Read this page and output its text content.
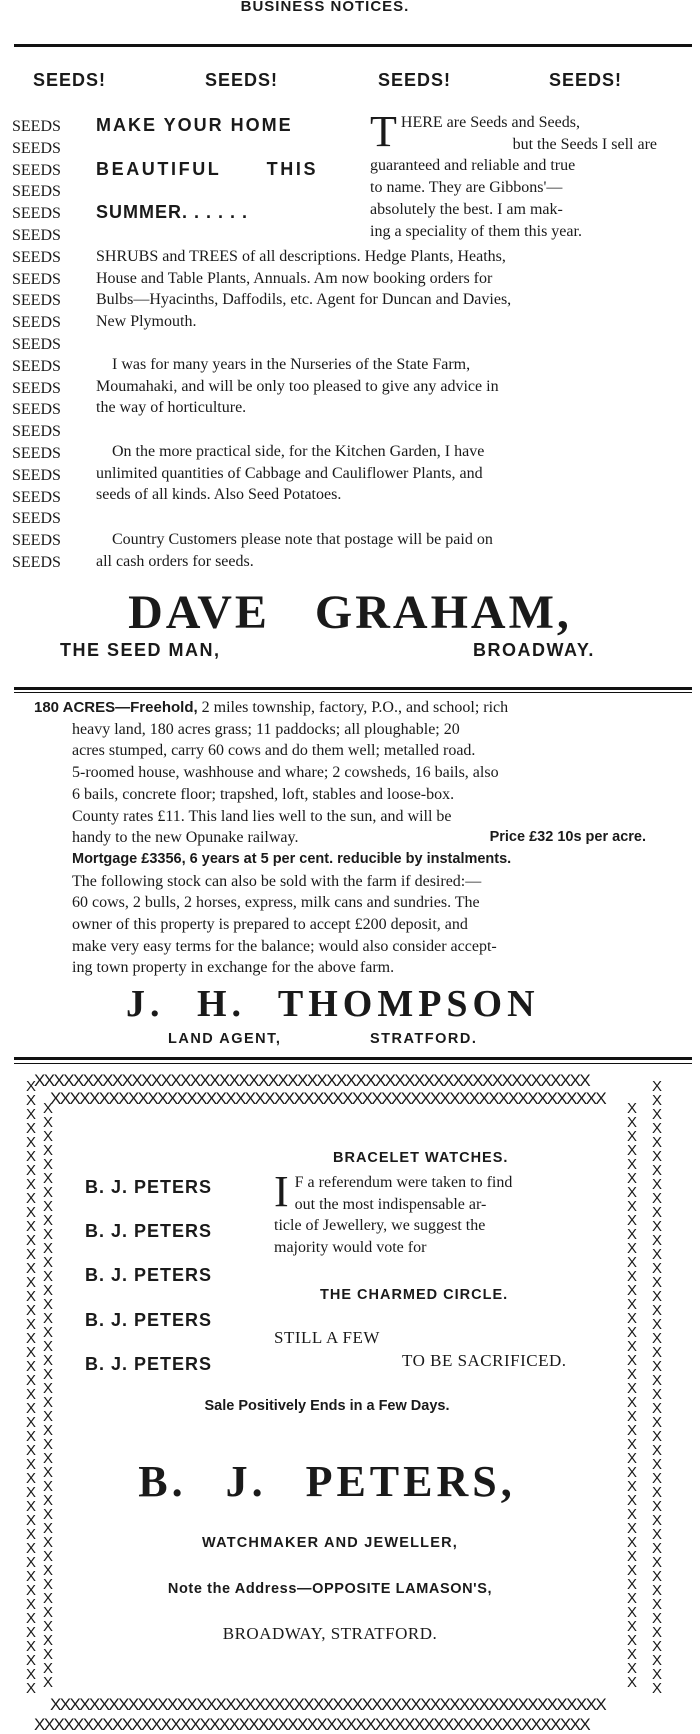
BUSINESS NOTICES.
SEEDS!	SEEDS!	SEEDS!	SEEDS!
SEEDS
SEEDS
SEEDS
SEEDS
SEEDS
SEEDS
SEEDS
SEEDS
SEEDS
SEEDS
SEEDS
SEEDS
SEEDS
SEEDS
SEEDS
SEEDS
SEEDS
SEEDS
SEEDS
SEEDS
SEEDS
MAKE YOUR HOME
BEAUTIFUL THIS
SUMMER. . . . . .
T HERE are Seeds and Seeds,

but the Seeds I sell are

guaranteed and reliable and true

to name. They are Gibbons'—

absolutely the best. I am mak-

ing a speciality of them this year.

SHRUBS and TREES of all descriptions. Hedge Plants, Heaths,

House and Table Plants, Annuals. Am now booking orders for

Bulbs—Hyacinths, Daffodils, etc. Agent for Duncan and Davies,

New Plymouth.

I was for many years in the Nurseries of the State Farm,

Moumahaki, and will be only too pleased to give any advice in

the way of horticulture.

On the more practical side, for the Kitchen Garden, I have

unlimited quantities of Cabbage and Cauliflower Plants, and

seeds of all kinds. Also Seed Potatoes.

Country Customers please note that postage will be paid on

all cash orders for seeds.

DAVE GRAHAM,
THE SEED MAN,	BROADWAY.

180 ACRES—Freehold, 2 miles township, factory, P.O., and school; rich

heavy land, 180 acres grass; 11 paddocks; all ploughable; 20

acres stumped, carry 60 cows and do them well; metalled road.

5-roomed house, washhouse and whare; 2 cowsheds, 16 bails, also

6 bails, concrete floor; trapshed, loft, stables and loose-box.

County rates £11. This land lies well to the sun, and will be

handy to the new Opunake railway.	Price £32 10s per acre.

Mortgage £3356, 6 years at 5 per cent. reducible by instalments.

The following stock can also be sold with the farm if desired:—

60 cows, 2 bulls, 2 horses, express, milk cans and sundries. The

owner of this property is prepared to accept £200 deposit, and

make very easy terms for the balance; would also consider accept-

ing town property in exchange for the above farm.

J. H. THOMPSON
LAND AGENT,	STRATFORD.
XXXXXXXXXXXXXXXXXXXXXXXXXXXXXXXXXXXXXXXXXXXXXXXXXXXXXXXXX
XXXXXXXXXXXXXXXXXXXXXXXXXXXXXXXXXXXXXXXXXXXXXXXXXXXXXXXXX
X
X
X
X
X
X
X
X
X
X
X
X
X
X
X
X
X
X
X
X
X
X
X
X
X
X
X
X
X
X
X
X
X
X
X
X
X
X
X
X
X
X
X
X
X
X
X
X
X
X
X
X
X
X
X
X
X
X
X
X
X
X
X
X
X
X
X
X
X
X
X
X
X
X
X
X
X
X
X
X
X
X
X
X
X
X
X
X
X
X
X
X
X
X
X
X
X
X
X
X
X
X
X
X
X
X
X
X
X
X
X
X
X
X
X
X
X
X
X
X
X
X
X
X
X
X
X
X
X
X
X
X
X
X
X
X
X
X
X
X
X
X
X
X
X
X
X
X
X
X
X
X
X
X
X
X
X
X
X
X
X
X
X
X
X
X
X
X
X
X
X
X
XXXXXXXXXXXXXXXXXXXXXXXXXXXXXXXXXXXXXXXXXXXXXXXXXXXXXXXXX
XXXXXXXXXXXXXXXXXXXXXXXXXXXXXXXXXXXXXXXXXXXXXXXXXXXXXXXXX
B. J. PETERS
B. J. PETERS
B. J. PETERS
B. J. PETERS
B. J. PETERS
BRACELET WATCHES.
I F a referendum were taken to find

out the most indispensable ar-

ticle of Jewellery, we suggest the

majority would vote for

THE CHARMED CIRCLE.
STILL A FEW
TO BE SACRIFICED.
Sale Positively Ends in a Few Days.
B. J. PETERS,
WATCHMAKER AND JEWELLER,
Note the Address—OPPOSITE LAMASON'S,
BROADWAY, STRATFORD.
